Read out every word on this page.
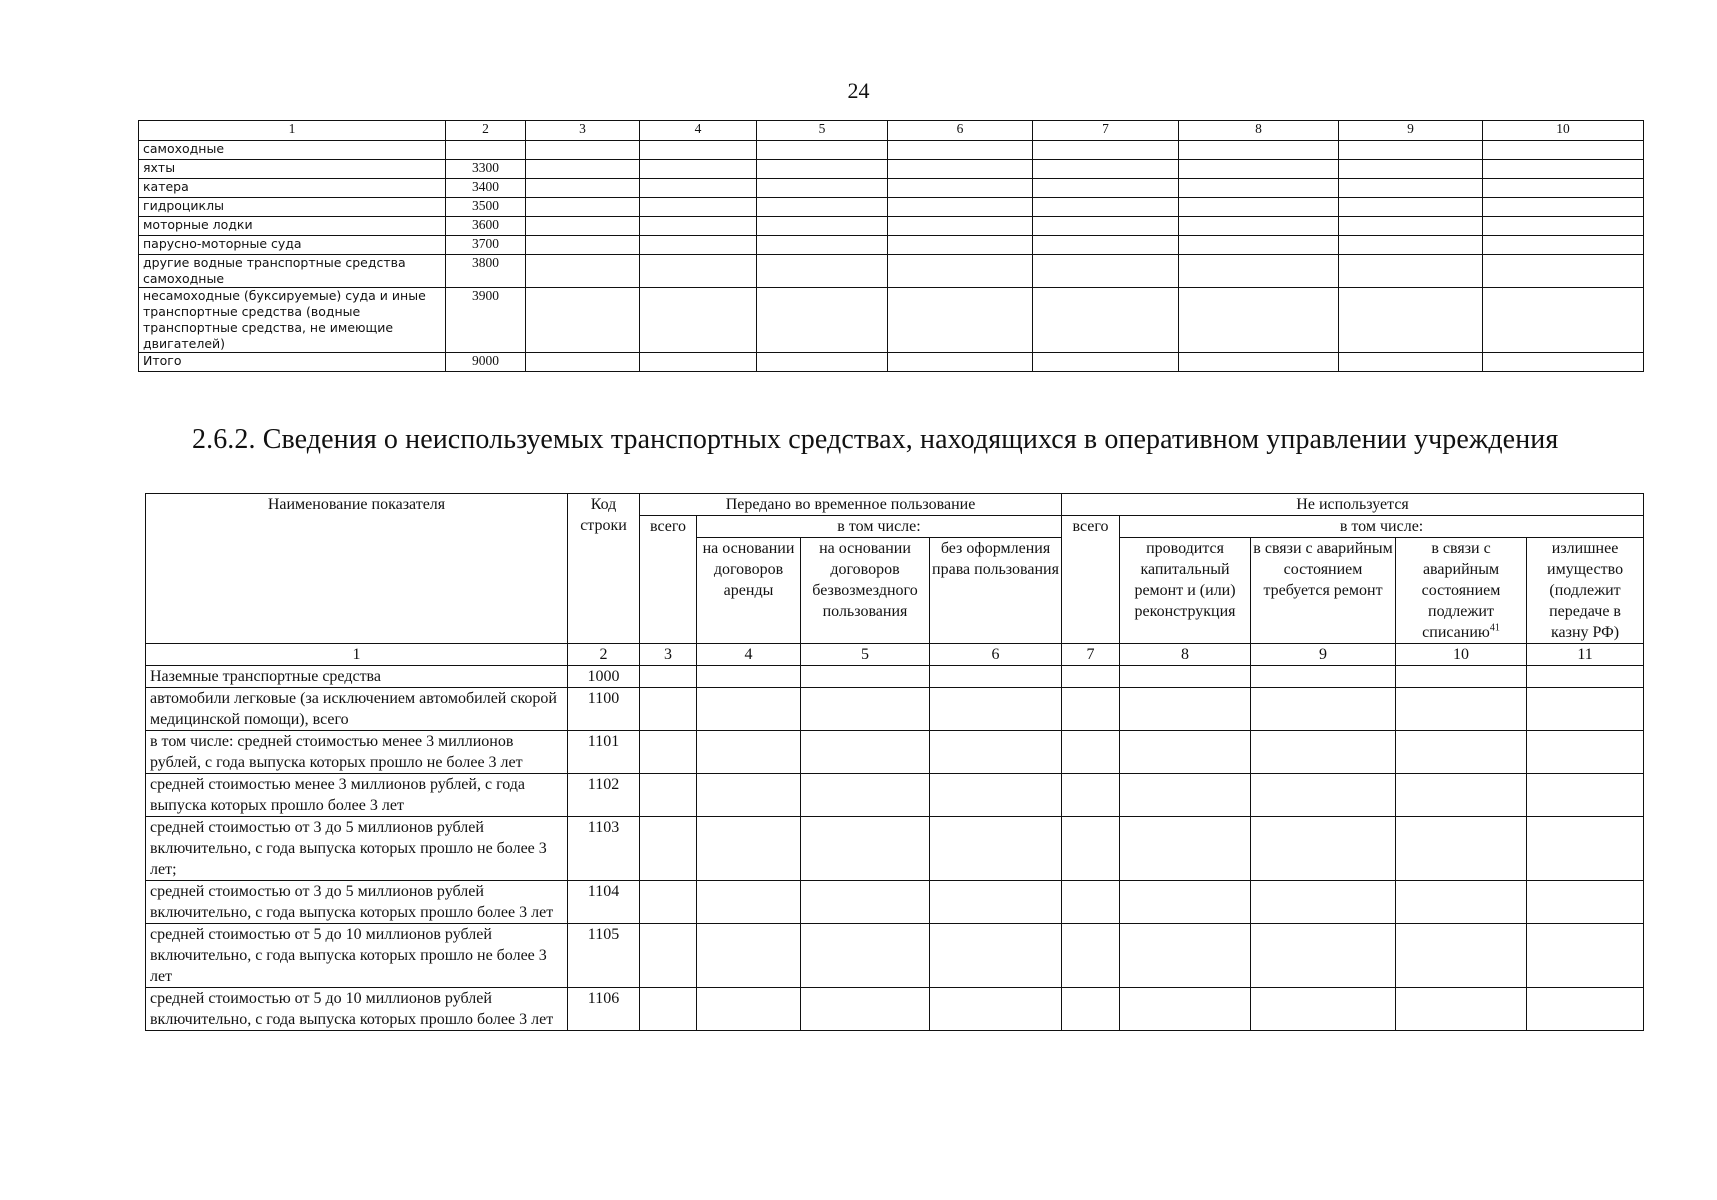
24
1	2	3	4	5	6	7	8	9	10
самоходные									
яхты	3300								
катера	3400								
гидроциклы	3500								
моторные лодки	3600								
парусно-моторные суда	3700								
другие водные транспортные средства самоходные	3800								
несамоходные (буксируемые) суда и иные транспортные средства (водные транспортные средства, не имеющие двигателей)	3900								
Итого	9000								
2.6.2. Сведения о неиспользуемых транспортных средствах, находящихся в оперативном управлении учреждения
Наименование показателя	Код строки	Передано во временное пользование				Не используется				
		всего	в том числе:			всего	в том числе:			
			на основании договоров аренды	на основании договоров безвозмездного пользования	без оформления права пользования		проводится капитальный ремонт и (или) реконструкция	в связи с аварийным состоянием требуется ремонт	в связи с аварийным состоянием подлежит списанию$^{41}$	излишнее имущество (подлежит передаче в казну РФ)
1	2	3	4	5	6	7	8	9	10	11
Наземные транспортные средства	1000									
автомобили легковые (за исключением автомобилей скорой медицинской помощи), всего	1100									
в том числе: средней стоимостью менее 3 миллионов рублей, с года выпуска которых прошло не более 3 лет	1101									
средней стоимостью менее 3 миллионов рублей, с года выпуска которых прошло более 3 лет	1102									
средней стоимостью от 3 до 5 миллионов рублей включительно, с года выпуска которых прошло не более 3 лет;	1103									
средней стоимостью от 3 до 5 миллионов рублей включительно, с года выпуска которых прошло более 3 лет	1104									
средней стоимостью от 5 до 10 миллионов рублей включительно, с года выпуска которых прошло не более 3 лет	1105									
средней стоимостью от 5 до 10 миллионов рублей включительно, с года выпуска которых прошло более 3 лет	1106									
